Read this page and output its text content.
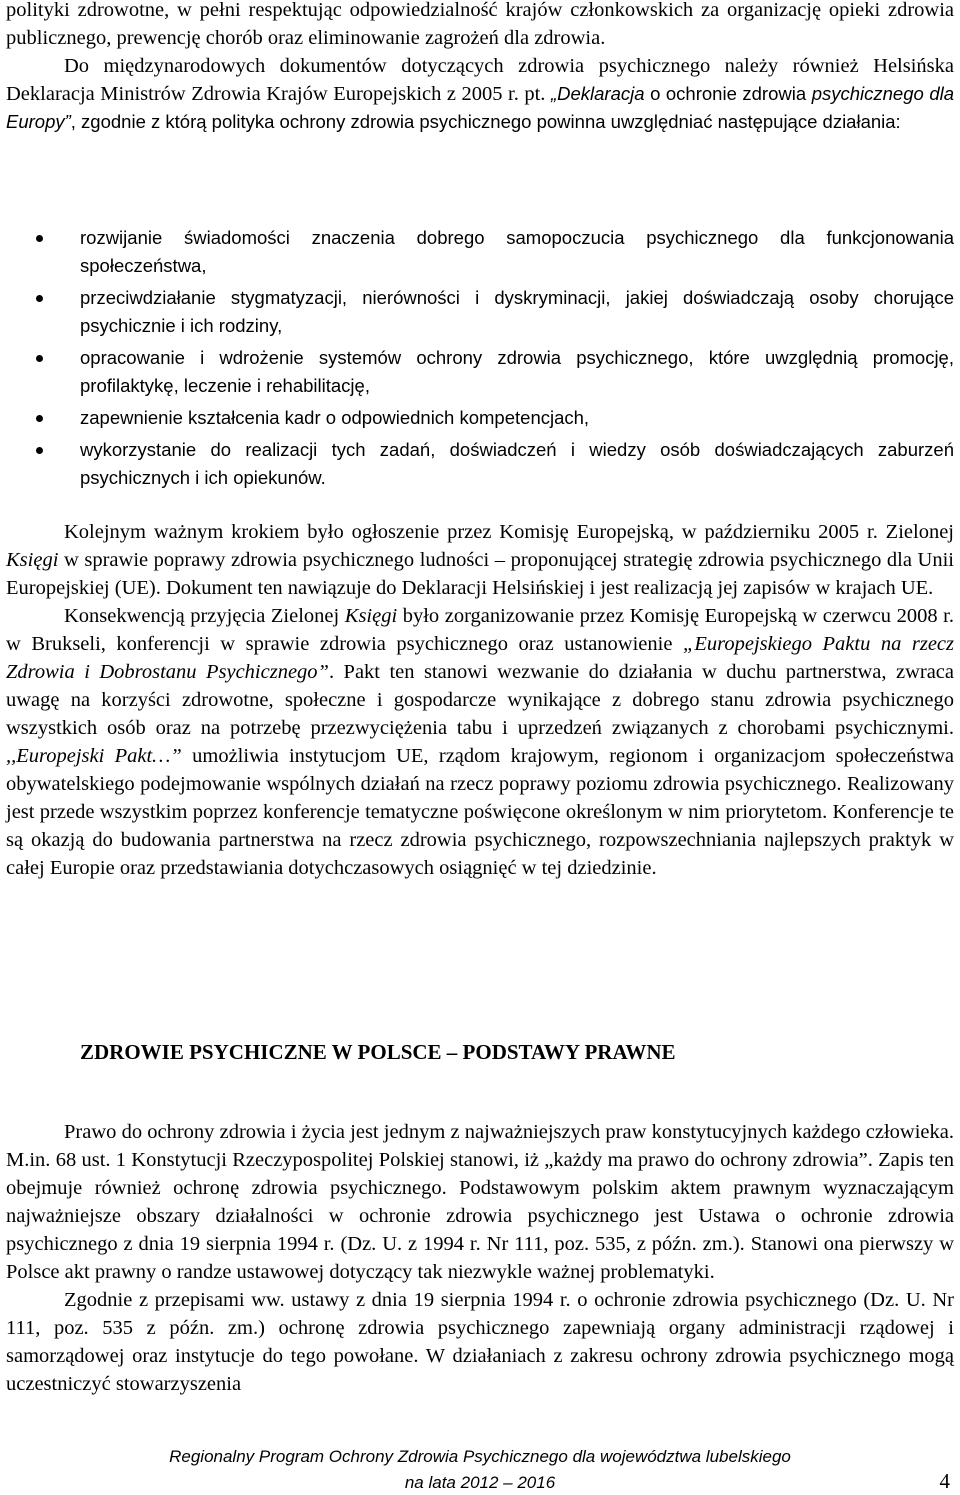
polityki zdrowotne, w pełni respektując odpowiedzialność krajów członkowskich za organizację opieki zdrowia publicznego, prewencję chorób oraz eliminowanie zagrożeń dla zdrowia.

Do międzynarodowych dokumentów dotyczących zdrowia psychicznego należy również Helsińska Deklaracja Ministrów Zdrowia Krajów Europejskich z 2005 r. pt. „Deklaracja o ochronie zdrowia psychicznego dla Europy”, zgodnie z którą polityka ochrony zdrowia psychicznego powinna uwzględniać następujące działania:

rozwijanie świadomości znaczenia dobrego samopoczucia psychicznego dla funkcjonowania społeczeństwa,
przeciwdziałanie stygmatyzacji, nierówności i dyskryminacji, jakiej doświadczają osoby chorujące psychicznie i ich rodziny,
opracowanie i wdrożenie systemów ochrony zdrowia psychicznego, które uwzględnią promocję, profilaktykę, leczenie i rehabilitację,
zapewnienie kształcenia kadr o odpowiednich kompetencjach,
wykorzystanie do realizacji tych zadań, doświadczeń i wiedzy osób doświadczających zaburzeń psychicznych i ich opiekunów.

Kolejnym ważnym krokiem było ogłoszenie przez Komisję Europejską, w październiku 2005 r. Zielonej Księgi w sprawie poprawy zdrowia psychicznego ludności – proponującej strategię zdrowia psychicznego dla Unii Europejskiej (UE). Dokument ten nawiązuje do Deklaracji Helsińskiej i jest realizacją jej zapisów w krajach UE.

Konsekwencją przyjęcia Zielonej Księgi było zorganizowanie przez Komisję Europejską w czerwcu 2008 r. w Brukseli, konferencji w sprawie zdrowia psychicznego oraz ustanowienie „Europejskiego Paktu na rzecz Zdrowia i Dobrostanu Psychicznego”. Pakt ten stanowi wezwanie do działania w duchu partnerstwa, zwraca uwagę na korzyści zdrowotne, społeczne i gospodarcze wynikające z dobrego stanu zdrowia psychicznego wszystkich osób oraz na potrzebę przezwyciężenia tabu i uprzedzeń związanych z chorobami psychicznymi. ,,Europejski Pakt…” umożliwia instytucjom UE, rządom krajowym, regionom i organizacjom społeczeństwa obywatelskiego podejmowanie wspólnych działań na rzecz poprawy poziomu zdrowia psychicznego. Realizowany jest przede wszystkim poprzez konferencje tematyczne poświęcone określonym w nim priorytetom. Konferencje te są okazją do budowania partnerstwa na rzecz zdrowia psychicznego, rozpowszechniania najlepszych praktyk w całej Europie oraz przedstawiania dotychczasowych osiągnięć w tej dziedzinie.

ZDROWIE PSYCHICZNE W POLSCE – PODSTAWY PRAWNE

Prawo do ochrony zdrowia i życia jest jednym z najważniejszych praw konstytucyjnych każdego człowieka. M.in. 68 ust. 1 Konstytucji Rzeczypospolitej Polskiej stanowi, iż „każdy ma prawo do ochrony zdrowia”. Zapis ten obejmuje również ochronę zdrowia psychicznego. Podstawowym polskim aktem prawnym wyznaczającym najważniejsze obszary działalności w ochronie zdrowia psychicznego jest Ustawa o ochronie zdrowia psychicznego z dnia 19 sierpnia 1994 r. (Dz. U. z 1994 r. Nr 111, poz. 535, z późn. zm.). Stanowi ona pierwszy w Polsce akt prawny o randze ustawowej dotyczący tak niezwykle ważnej problematyki.

Zgodnie z przepisami ww. ustawy z dnia 19 sierpnia 1994 r. o ochronie zdrowia psychicznego (Dz. U. Nr 111, poz. 535 z późn. zm.) ochronę zdrowia psychicznego zapewniają organy administracji rządowej i samorządowej oraz instytucje do tego powołane. W działaniach z zakresu ochrony zdrowia psychicznego mogą uczestniczyć stowarzyszenia

Regionalny Program Ochrony Zdrowia Psychicznego dla województwa lubelskiego
na lata 2012 – 2016	4
